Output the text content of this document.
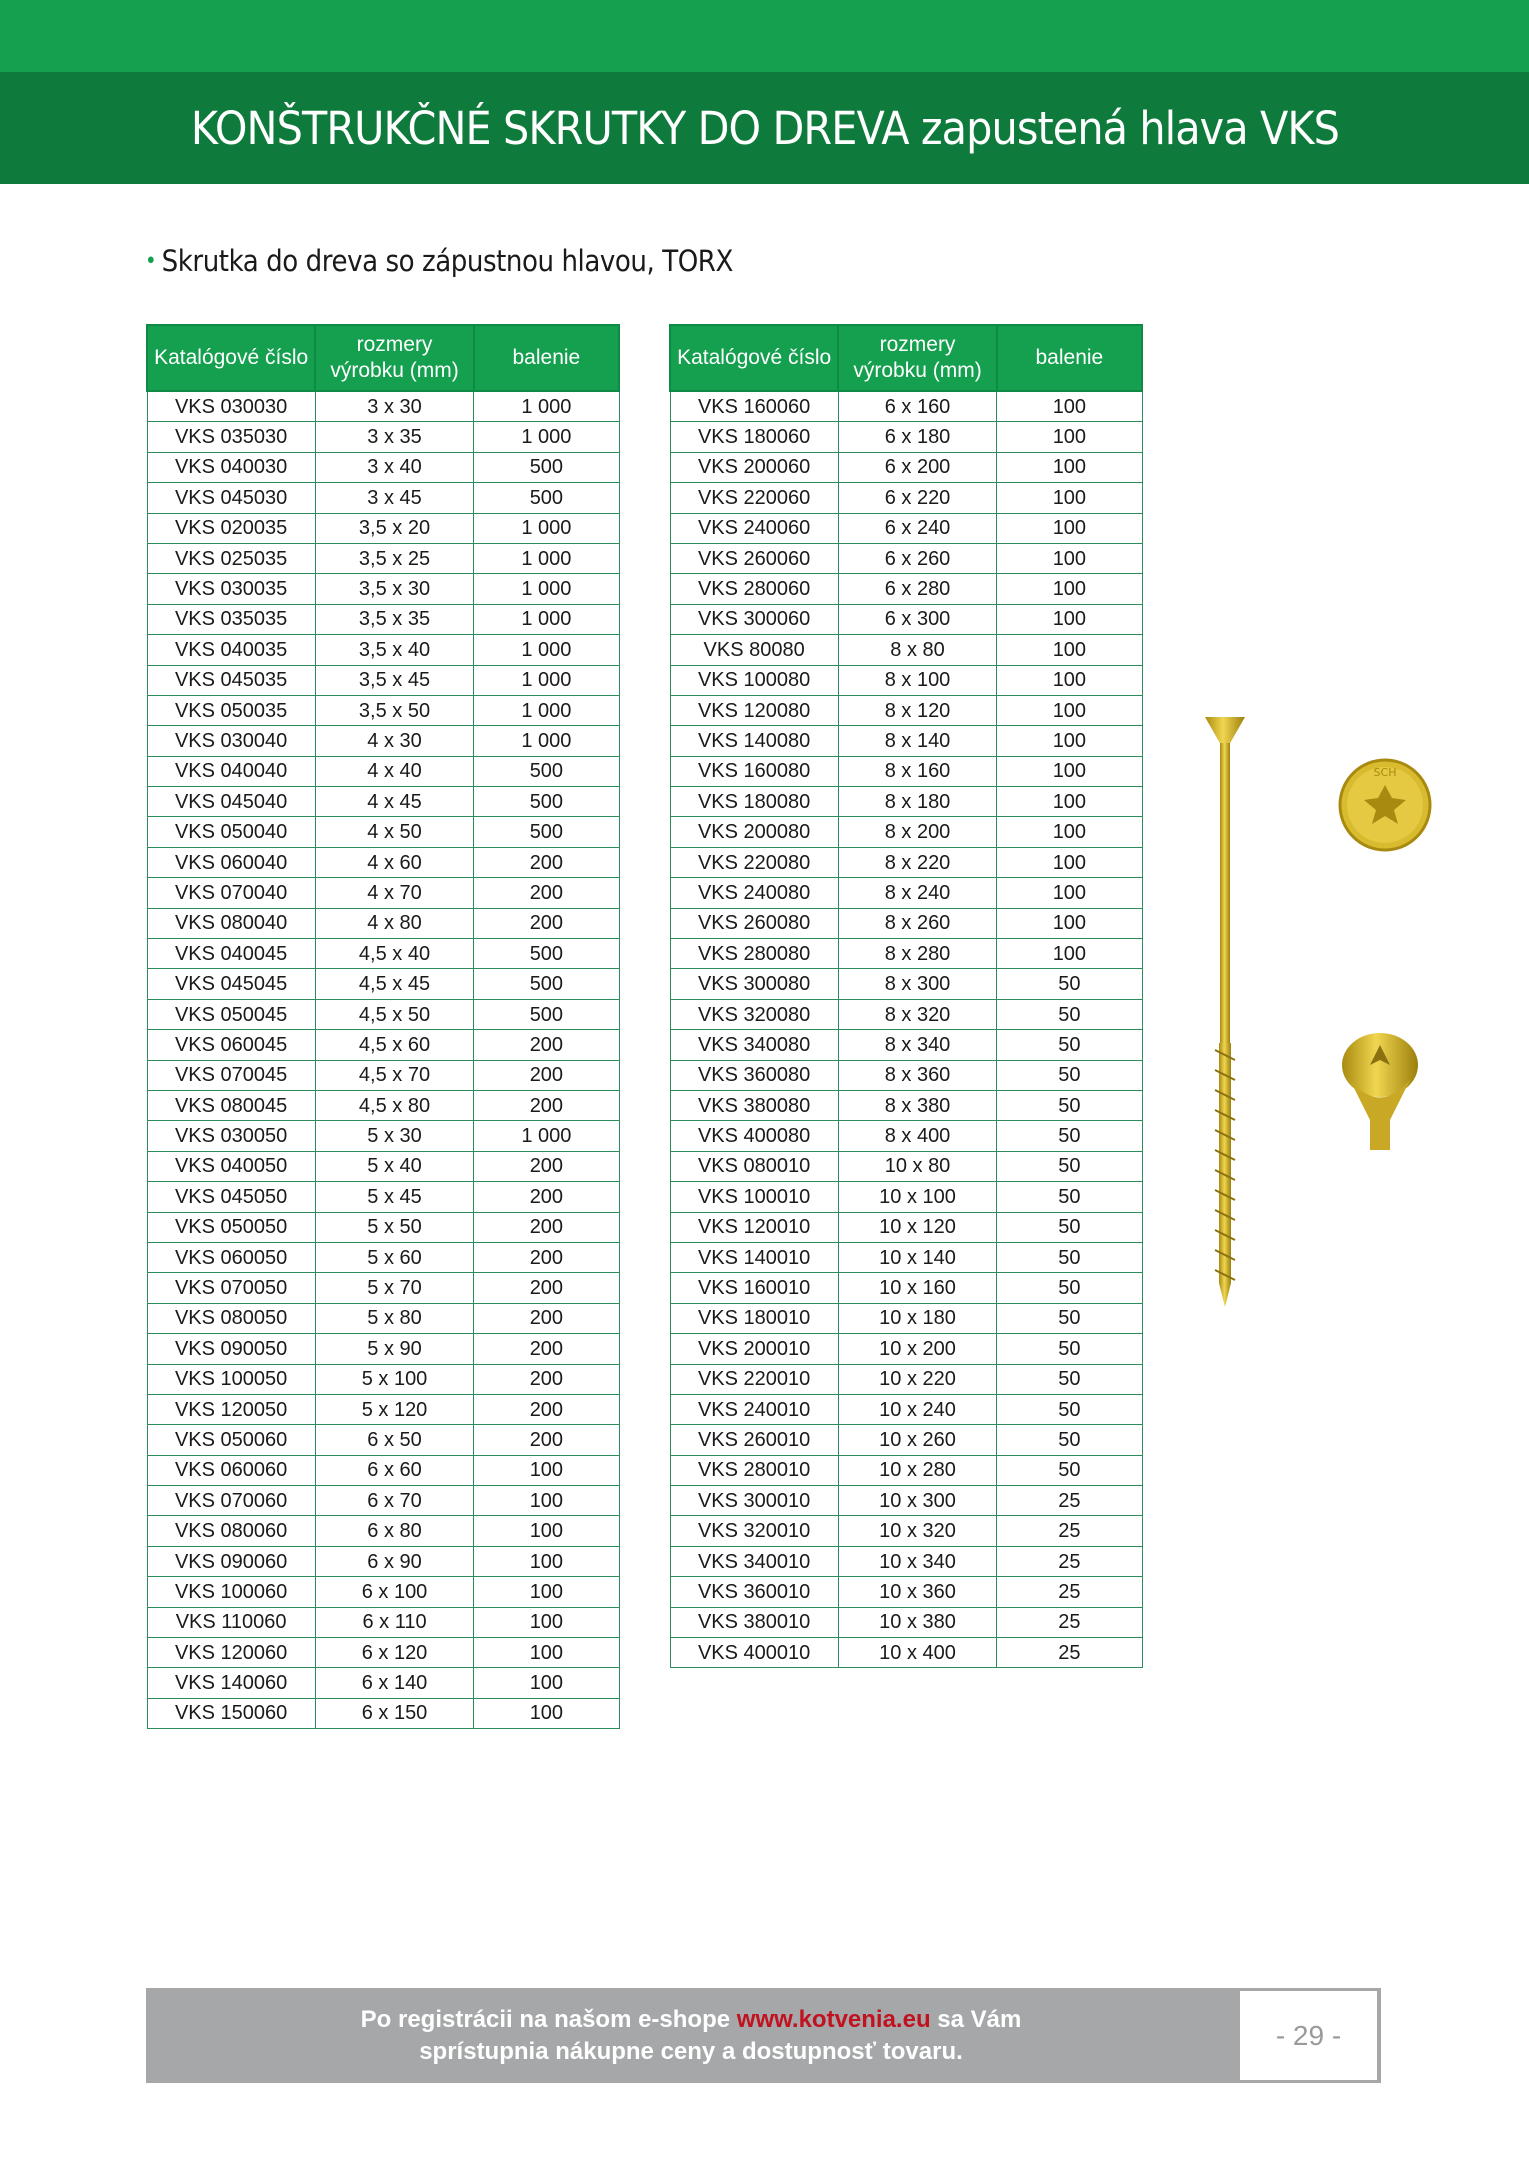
KONŠTRUKČNÉ SKRUTKY DO DREVA zapustená hlava VKS
• Skrutka do dreva so zápustnou hlavou, TORX
Katalógové číslo	rozmery výrobku (mm)	balenie
VKS 030030	3 x 30	1 000
VKS 035030	3 x 35	1 000
VKS 040030	3 x 40	500
VKS 045030	3 x 45	500
VKS 020035	3,5 x 20	1 000
VKS 025035	3,5 x 25	1 000
VKS 030035	3,5 x 30	1 000
VKS 035035	3,5 x 35	1 000
VKS 040035	3,5 x 40	1 000
VKS 045035	3,5 x 45	1 000
VKS 050035	3,5 x 50	1 000
VKS 030040	4 x 30	1 000
VKS 040040	4 x 40	500
VKS 045040	4 x 45	500
VKS 050040	4 x 50	500
VKS 060040	4 x 60	200
VKS 070040	4 x 70	200
VKS 080040	4 x 80	200
VKS 040045	4,5 x 40	500
VKS 045045	4,5 x 45	500
VKS 050045	4,5 x 50	500
VKS 060045	4,5 x 60	200
VKS 070045	4,5 x 70	200
VKS 080045	4,5 x 80	200
VKS 030050	5 x 30	1 000
VKS 040050	5 x 40	200
VKS 045050	5 x 45	200
VKS 050050	5 x 50	200
VKS 060050	5 x 60	200
VKS 070050	5 x 70	200
VKS 080050	5 x 80	200
VKS 090050	5 x 90	200
VKS 100050	5 x 100	200
VKS 120050	5 x 120	200
VKS 050060	6 x 50	200
VKS 060060	6 x 60	100
VKS 070060	6 x 70	100
VKS 080060	6 x 80	100
VKS 090060	6 x 90	100
VKS 100060	6 x 100	100
VKS 110060	6 x 110	100
VKS 120060	6 x 120	100
VKS 140060	6 x 140	100
VKS 150060	6 x 150	100
Katalógové číslo	rozmery výrobku (mm)	balenie
VKS 160060	6 x 160	100
VKS 180060	6 x 180	100
VKS 200060	6 x 200	100
VKS 220060	6 x 220	100
VKS 240060	6 x 240	100
VKS 260060	6 x 260	100
VKS 280060	6 x 280	100
VKS 300060	6 x 300	100
VKS 80080	8 x 80	100
VKS 100080	8 x 100	100
VKS 120080	8 x 120	100
VKS 140080	8 x 140	100
VKS 160080	8 x 160	100
VKS 180080	8 x 180	100
VKS 200080	8 x 200	100
VKS 220080	8 x 220	100
VKS 240080	8 x 240	100
VKS 260080	8 x 260	100
VKS 280080	8 x 280	100
VKS 300080	8 x 300	50
VKS 320080	8 x 320	50
VKS 340080	8 x 340	50
VKS 360080	8 x 360	50
VKS 380080	8 x 380	50
VKS 400080	8 x 400	50
VKS 080010	10 x 80	50
VKS 100010	10 x 100	50
VKS 120010	10 x 120	50
VKS 140010	10 x 140	50
VKS 160010	10 x 160	50
VKS 180010	10 x 180	50
VKS 200010	10 x 200	50
VKS 220010	10 x 220	50
VKS 240010	10 x 240	50
VKS 260010	10 x 260	50
VKS 280010	10 x 280	50
VKS 300010	10 x 300	25
VKS 320010	10 x 320	25
VKS 340010	10 x 340	25
VKS 360010	10 x 360	25
VKS 380010	10 x 380	25
VKS 400010	10 x 400	25
SCH
Po registrácii na našom e-shope www.kotvenia.eu sa Vám
sprístupnia nákupne ceny a dostupnosť tovaru.
- 29 -
